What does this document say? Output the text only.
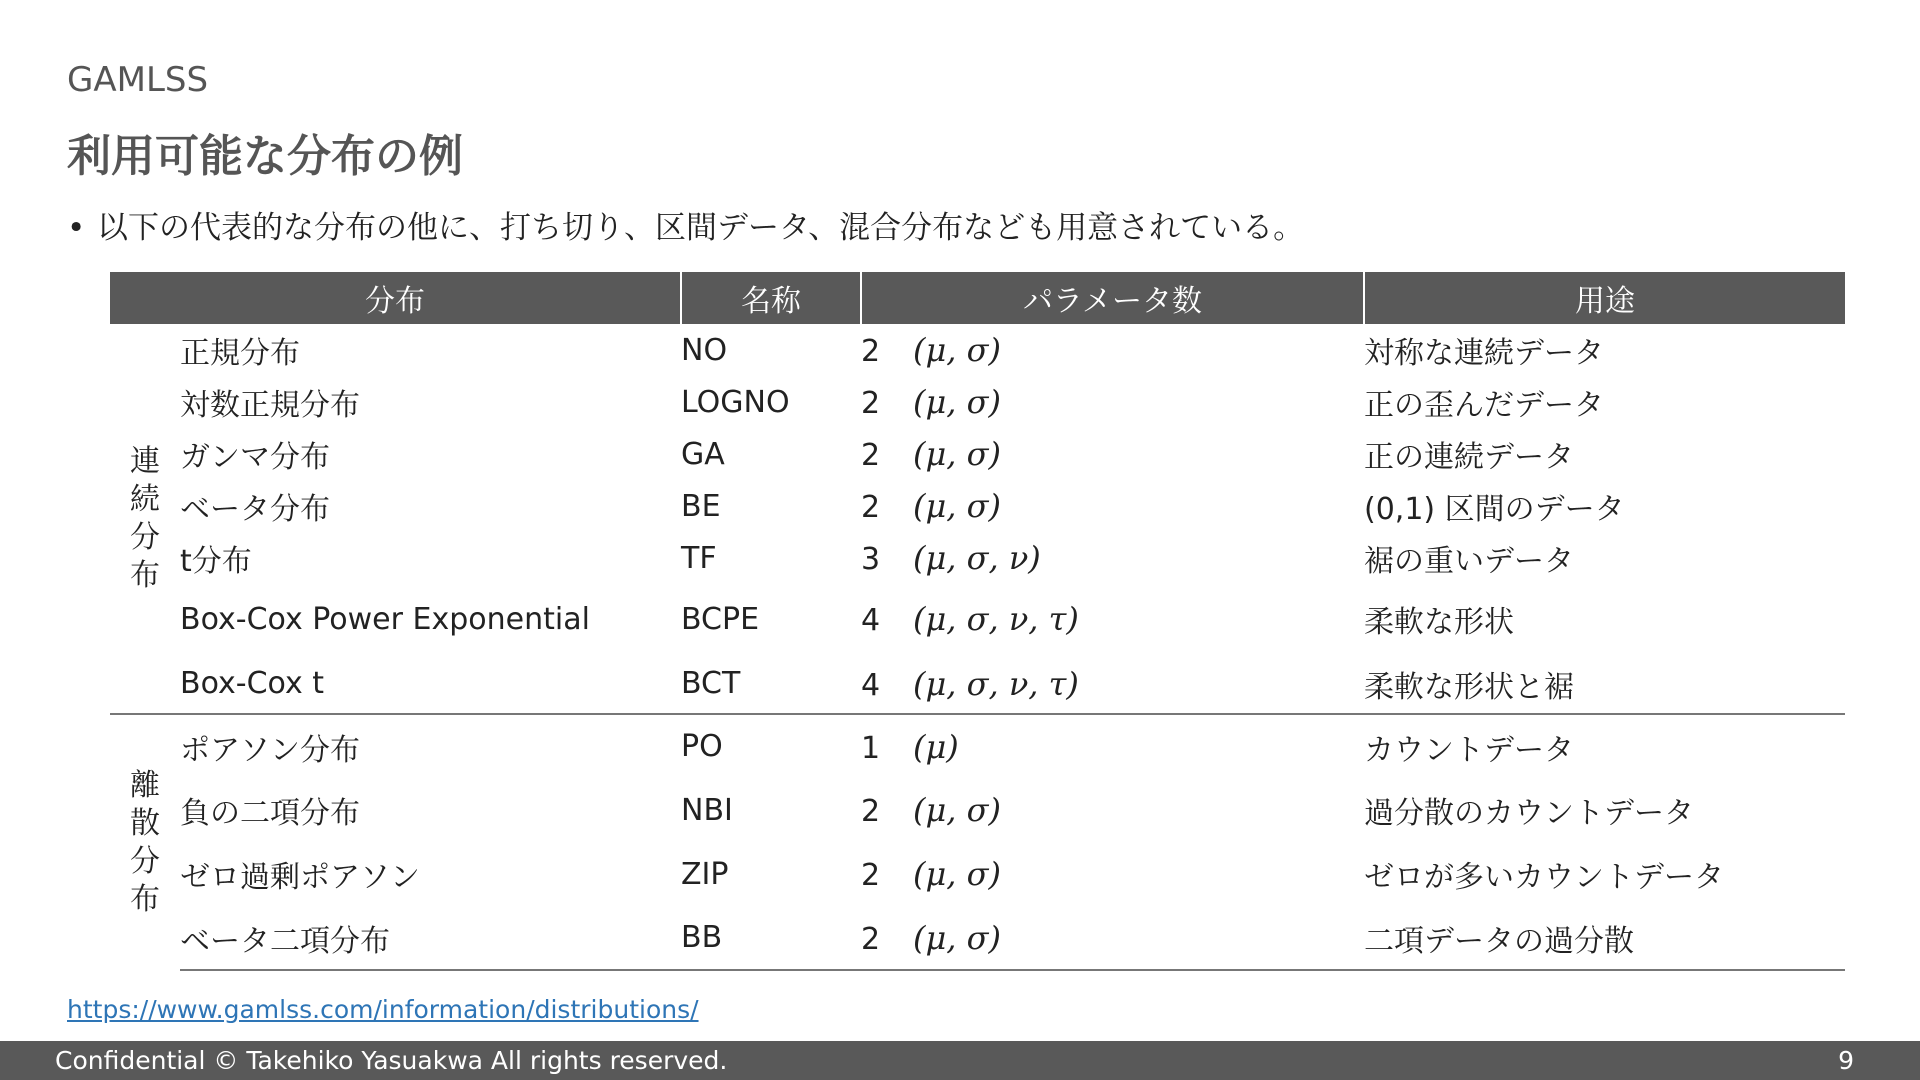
GAMLSS
利用可能な分布の例
• 以下の代表的な分布の他に、打ち切り、区間データ、混合分布なども用意されている。
分布		名称	パラメータ数	用途

連
続
分
布	正規分布	NO	2 (μ, σ)	対称な連続データ
	対数正規分布	LOGNO	2 (μ, σ)	正の歪んだデータ
	ガンマ分布	GA	2 (μ, σ)	正の連続データ
	ベータ分布	BE	2 (μ, σ)	(0,1) 区間のデータ
	t分布	TF	3 (μ, σ, ν)	裾の重いデータ
	Box-Cox Power Exponential	BCPE	4 (μ, σ, ν, τ)	柔軟な形状
	Box-Cox t	BCT	4 (μ, σ, ν, τ)	柔軟な形状と裾

離
散
分
布	ポアソン分布	PO	1 (μ)	カウントデータ
	負の二項分布	NBI	2 (μ, σ)	過分散のカウントデータ
	ゼロ過剰ポアソン	ZIP	2 (μ, σ)	ゼロが多いカウントデータ
	ベータ二項分布	BB	2 (μ, σ)	二項データの過分散
https://www.gamlss.com/information/distributions/
Confidential © Takehiko Yasuakwa All rights reserved.	9
